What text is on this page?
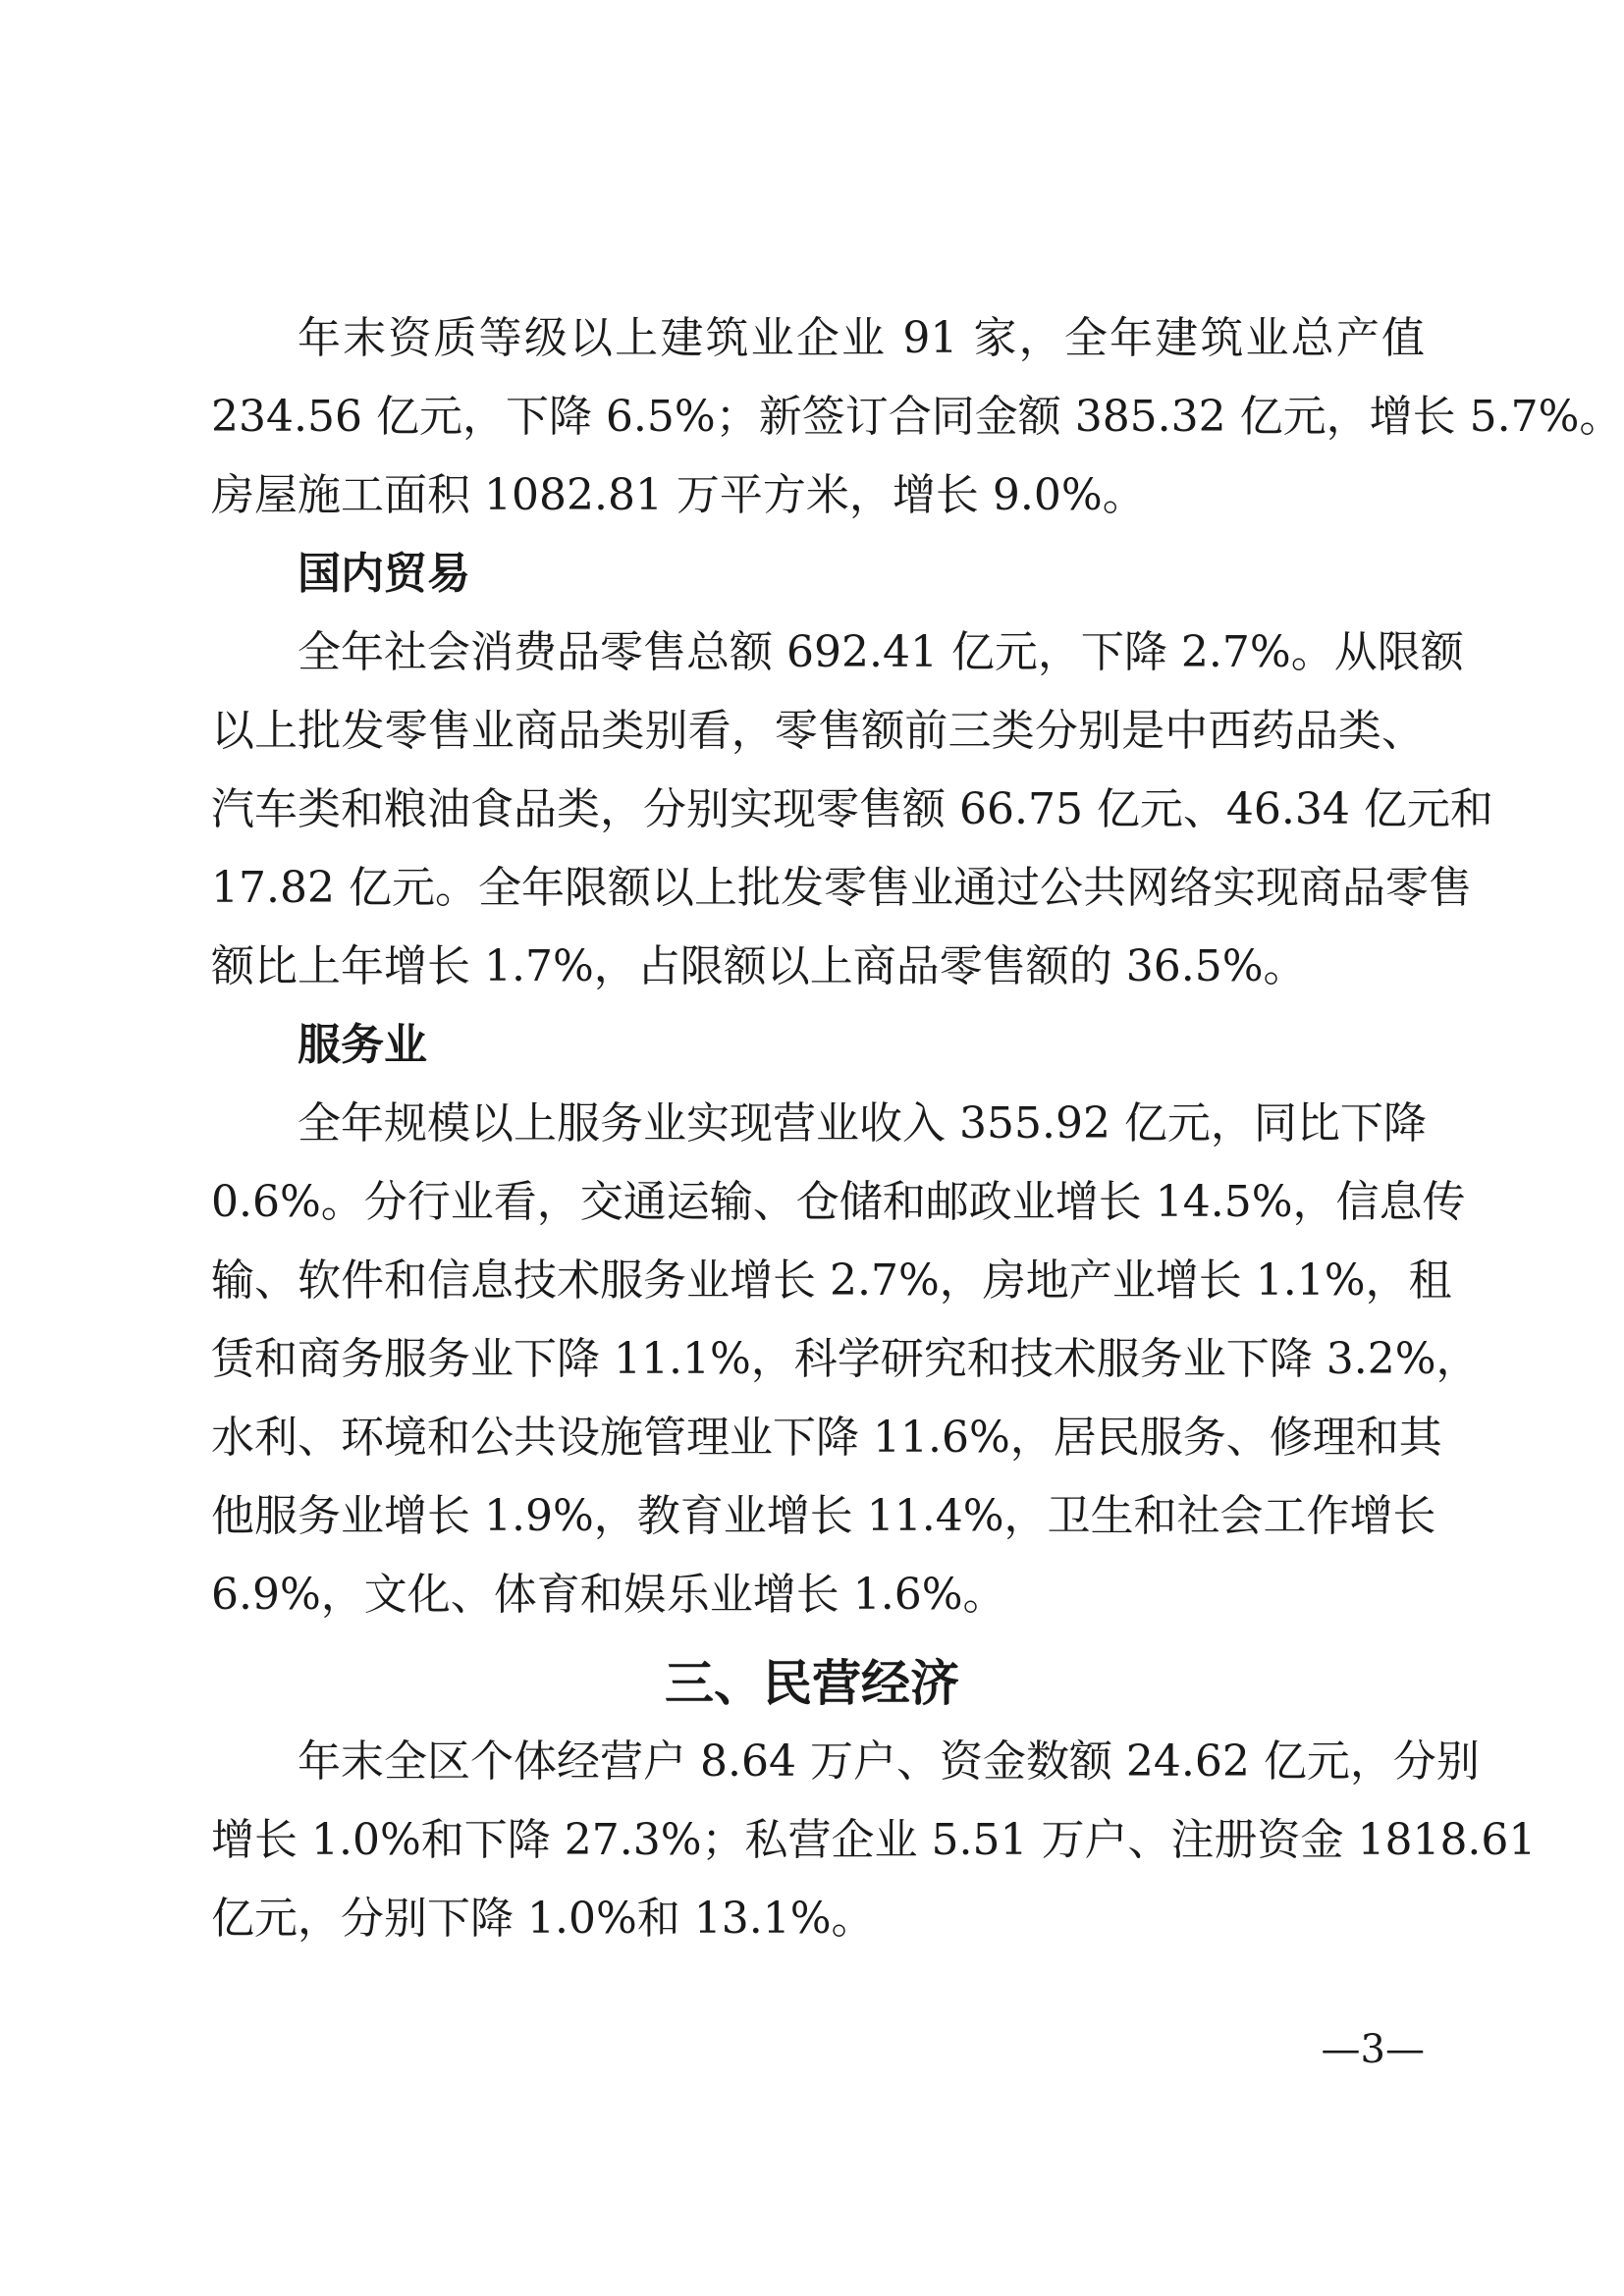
年末资质等级以上建筑业企业 91 家，全年建筑业总产值
234.56 亿元，下降 6.5%；新签订合同金额 385.32 亿元，增长 5.7%。
房屋施工面积 1082.81 万平方米，增长 9.0%。
国内贸易
全年社会消费品零售总额 692.41 亿元，下降 2.7%。从限额
以上批发零售业商品类别看，零售额前三类分别是中西药品类、
汽车类和粮油食品类，分别实现零售额 66.75 亿元、46.34 亿元和
17.82 亿元。全年限额以上批发零售业通过公共网络实现商品零售
额比上年增长 1.7%，占限额以上商品零售额的 36.5%。
服务业
全年规模以上服务业实现营业收入 355.92 亿元，同比下降
0.6%。分行业看，交通运输、仓储和邮政业增长 14.5%，信息传
输、软件和信息技术服务业增长 2.7%，房地产业增长 1.1%，租
赁和商务服务业下降 11.1%，科学研究和技术服务业下降 3.2%，
水利、环境和公共设施管理业下降 11.6%，居民服务、修理和其
他服务业增长 1.9%，教育业增长 11.4%，卫生和社会工作增长
6.9%，文化、体育和娱乐业增长 1.6%。
三、民营经济
年末全区个体经营户 8.64 万户、资金数额 24.62 亿元，分别
增长 1.0%和下降 27.3%；私营企业 5.51 万户、注册资金 1818.61
亿元，分别下降 1.0%和 13.1%。
—3—
